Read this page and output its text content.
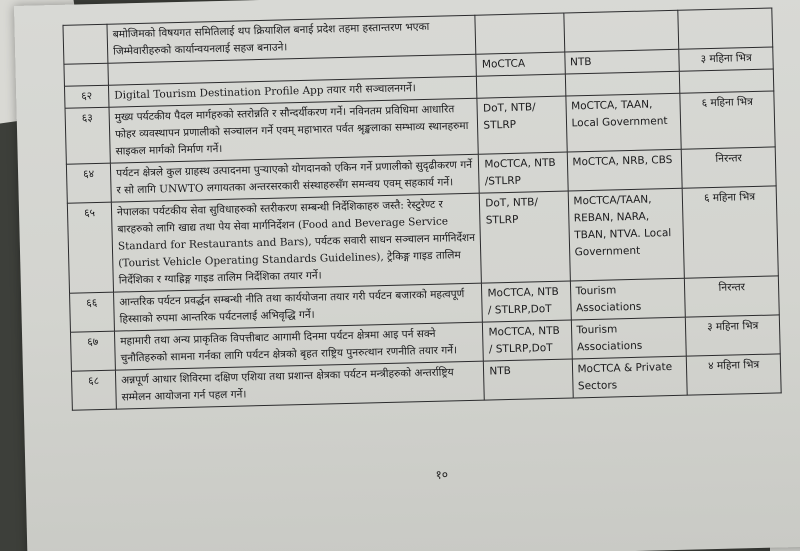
	बमोजिमको विषयगत समितिलाई थप क्रियाशिल बनाई प्रदेश तहमा हस्तान्तरण भएका जिम्मेवारीहरुको कार्यान्वयनलाई सहज बनाउने।			
		MoCTCA	NTB	३ महिना भित्र
६२	Digital Tourism Destination Profile App तयार गरी सञ्चालनगर्ने।			
६३	मुख्य पर्यटकीय पैदल मार्गहरुको स्तरोन्नति र सौन्दर्यीकरण गर्ने। नविनतम प्रविधिमा आधारित फोहर व्यवस्थापन प्रणालीको सञ्चालन गर्ने एवम् महाभारत पर्वत श्रृङ्खलाका सम्भाव्य स्थानहरुमा साइकल मार्गको निर्माण गर्ने।	DoT, NTB/ STLRP	MoCTCA, TAAN, Local Government	६ महिना भित्र
६४	पर्यटन क्षेत्रले कुल ग्राहस्थ उत्पादनमा पुऱ्याएको योगदानको एकिन गर्ने प्रणालीको सुदृढीकरण गर्ने र सो लागि UNWTO लगायतका अन्तरसरकारी संस्थाहरुसँग समन्वय एवम् सहकार्य गर्ने।	MoCTCA, NTB /STLRP	MoCTCA, NRB, CBS	निरन्तर
६५	नेपालका पर्यटकीय सेवा सुविधाहरुको स्तरीकरण सम्बन्धी निर्देशिकाहरु जस्तै: रेस्टुरेण्ट र बारहरुको लागि खाद्य तथा पेय सेवा मार्गनिर्देशन (Food and Beverage Service Standard for Restaurants and Bars), पर्यटक सवारी साधन सञ्चालन मार्गनिर्देशन (Tourist Vehicle Operating Standards Guidelines), ट्रेकिङ्ग गाइड तालिम निर्देशिका र ग्याह्रिङ्ग गाइड तालिम निर्देशिका तयार गर्ने।	DoT, NTB/ STLRP	MoCTCA/TAAN, REBAN, NARA, TBAN, NTVA. Local Government	६ महिना भित्र
६६	आन्तरिक पर्यटन प्रवर्द्धन सम्बन्धी नीति तथा कार्ययोजना तयार गरी पर्यटन बजारको महत्वपूर्ण हिस्साको रुपमा आन्तरिक पर्यटनलाई अभिवृद्धि गर्ने।	MoCTCA, NTB / STLRP,DoT	Tourism Associations	निरन्तर
६७	महामारी तथा अन्य प्राकृतिक विपत्तीबाट आगामी दिनमा पर्यटन क्षेत्रमा आइ पर्न सक्ने चुनौतिहरुको सामना गर्नका लागि पर्यटन क्षेत्रको बृहत राष्ट्रिय पुनरुत्थान रणनीति तयार गर्ने।	MoCTCA, NTB / STLRP,DoT	Tourism Associations	३ महिना भित्र
६८	अन्नपूर्ण आधार शिविरमा दक्षिण एशिया तथा प्रशान्त क्षेत्रका पर्यटन मन्त्रीहरुको अन्तर्राष्ट्रिय सम्मेलन आयोजना गर्न पहल गर्ने।	NTB	MoCTCA & Private Sectors	४ महिना भित्र
१०
